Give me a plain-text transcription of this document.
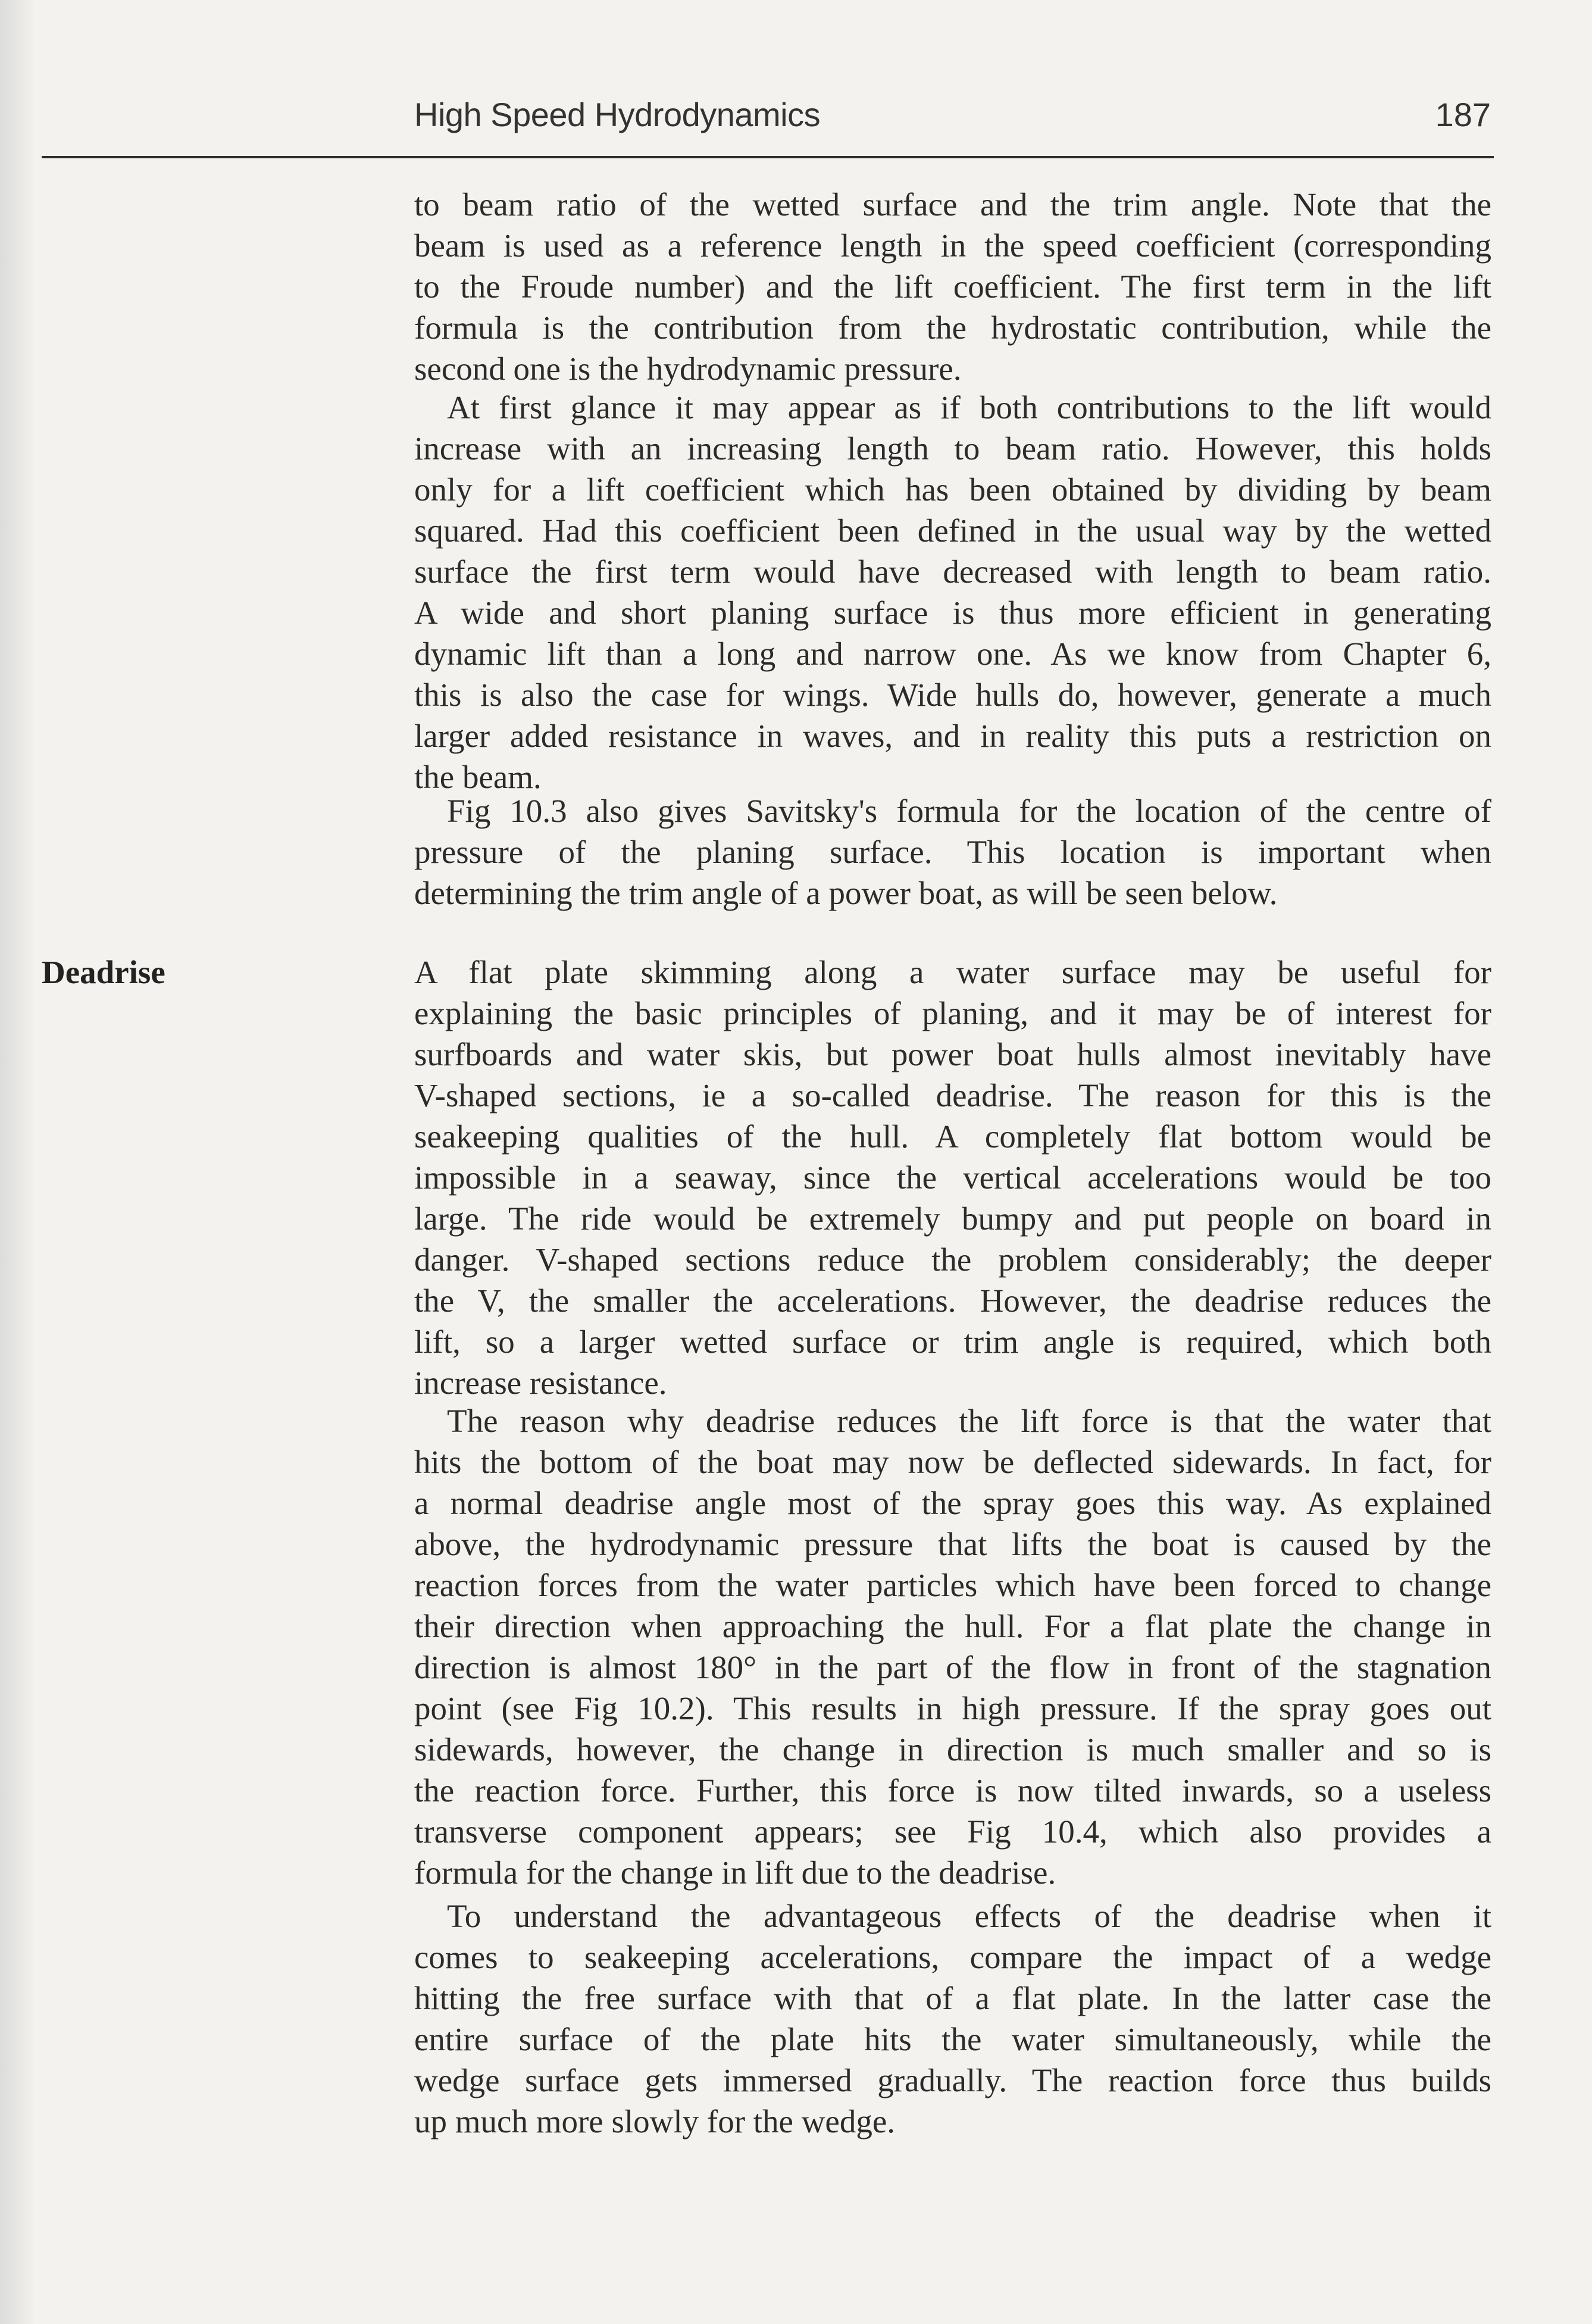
High Speed Hydrodynamics	187
Deadrise
to beam ratio of the wetted surface and the trim angle. Note that the
beam is used as a reference length in the speed coefficient (corresponding
to the Froude number) and the lift coefficient. The first term in the lift
formula is the contribution from the hydrostatic contribution, while the
second one is the hydrodynamic pressure.
At first glance it may appear as if both contributions to the lift would
increase with an increasing length to beam ratio. However, this holds
only for a lift coefficient which has been obtained by dividing by beam
squared. Had this coefficient been defined in the usual way by the wetted
surface the first term would have decreased with length to beam ratio.
A wide and short planing surface is thus more efficient in generating
dynamic lift than a long and narrow one. As we know from Chapter 6,
this is also the case for wings. Wide hulls do, however, generate a much
larger added resistance in waves, and in reality this puts a restriction on
the beam.
Fig 10.3 also gives Savitsky's formula for the location of the centre of
pressure of the planing surface. This location is important when
determining the trim angle of a power boat, as will be seen below.
A flat plate skimming along a water surface may be useful for
explaining the basic principles of planing, and it may be of interest for
surfboards and water skis, but power boat hulls almost inevitably have
V-shaped sections, ie a so-called deadrise. The reason for this is the
seakeeping qualities of the hull. A completely flat bottom would be
impossible in a seaway, since the vertical accelerations would be too
large. The ride would be extremely bumpy and put people on board in
danger. V-shaped sections reduce the problem considerably; the deeper
the V, the smaller the accelerations. However, the deadrise reduces the
lift, so a larger wetted surface or trim angle is required, which both
increase resistance.
The reason why deadrise reduces the lift force is that the water that
hits the bottom of the boat may now be deflected sidewards. In fact, for
a normal deadrise angle most of the spray goes this way. As explained
above, the hydrodynamic pressure that lifts the boat is caused by the
reaction forces from the water particles which have been forced to change
their direction when approaching the hull. For a flat plate the change in
direction is almost 180° in the part of the flow in front of the stagnation
point (see Fig 10.2). This results in high pressure. If the spray goes out
sidewards, however, the change in direction is much smaller and so is
the reaction force. Further, this force is now tilted inwards, so a useless
transverse component appears; see Fig 10.4, which also provides a
formula for the change in lift due to the deadrise.
To understand the advantageous effects of the deadrise when it
comes to seakeeping accelerations, compare the impact of a wedge
hitting the free surface with that of a flat plate. In the latter case the
entire surface of the plate hits the water simultaneously, while the
wedge surface gets immersed gradually. The reaction force thus builds
up much more slowly for the wedge.
